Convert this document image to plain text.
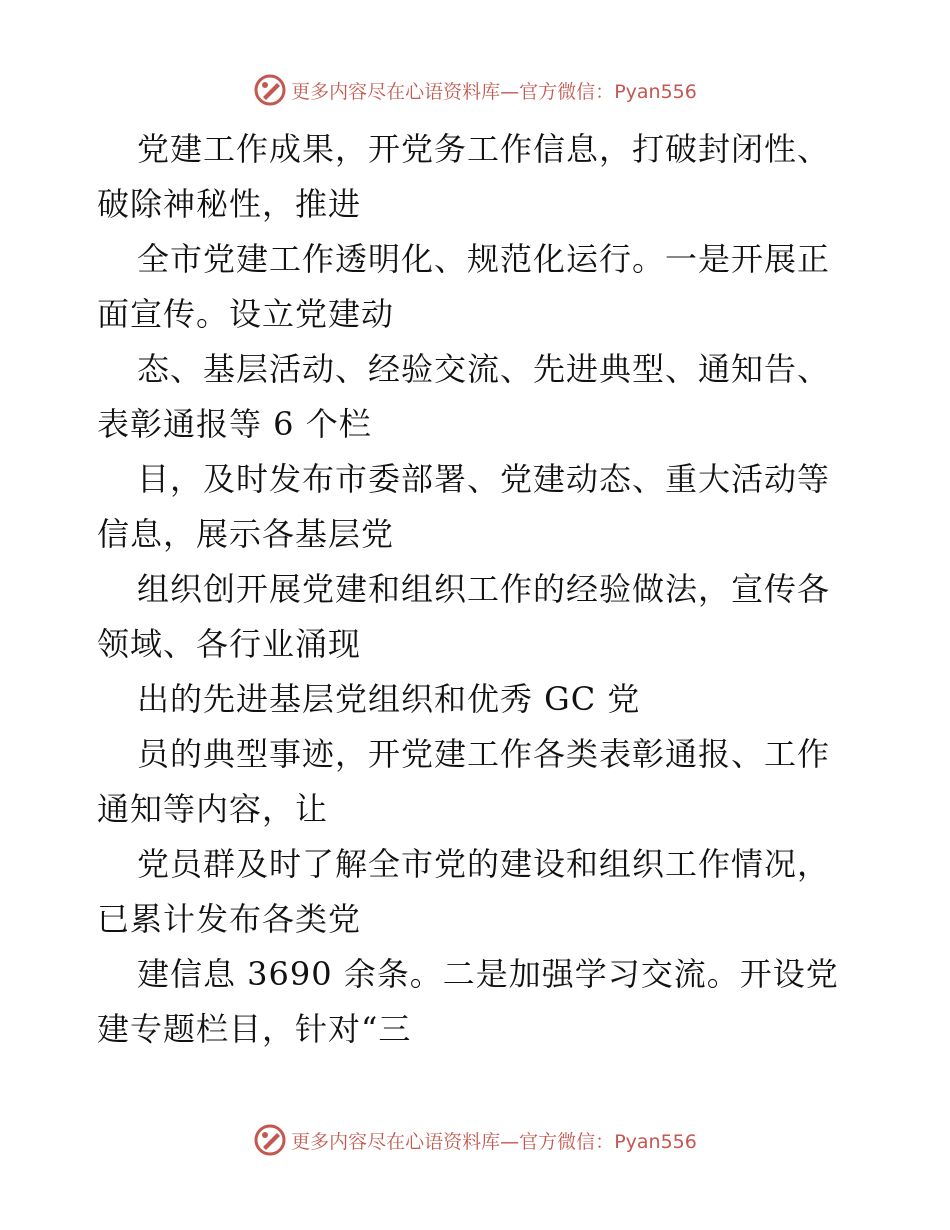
更多内容尽在心语资料库—官方微信：Pyan556
党建工作成果，开党务工作信息，打破封闭性、
破除神秘性，推进
全市党建工作透明化、规范化运行。一是开展正
面宣传。设立党建动
态、基层活动、经验交流、先进典型、通知告、
表彰通报等 6 个栏
目，及时发布市委部署、党建动态、重大活动等
信息，展示各基层党
组织创开展党建和组织工作的经验做法，宣传各
领域、各行业涌现
出的先进基层党组织和优秀 GC 党
员的典型事迹，开党建工作各类表彰通报、工作
通知等内容，让
党员群及时了解全市党的建设和组织工作情况，
已累计发布各类党
建信息 3690 余条。二是加强学习交流。开设党
建专题栏目，针对“三
更多内容尽在心语资料库—官方微信：Pyan556
